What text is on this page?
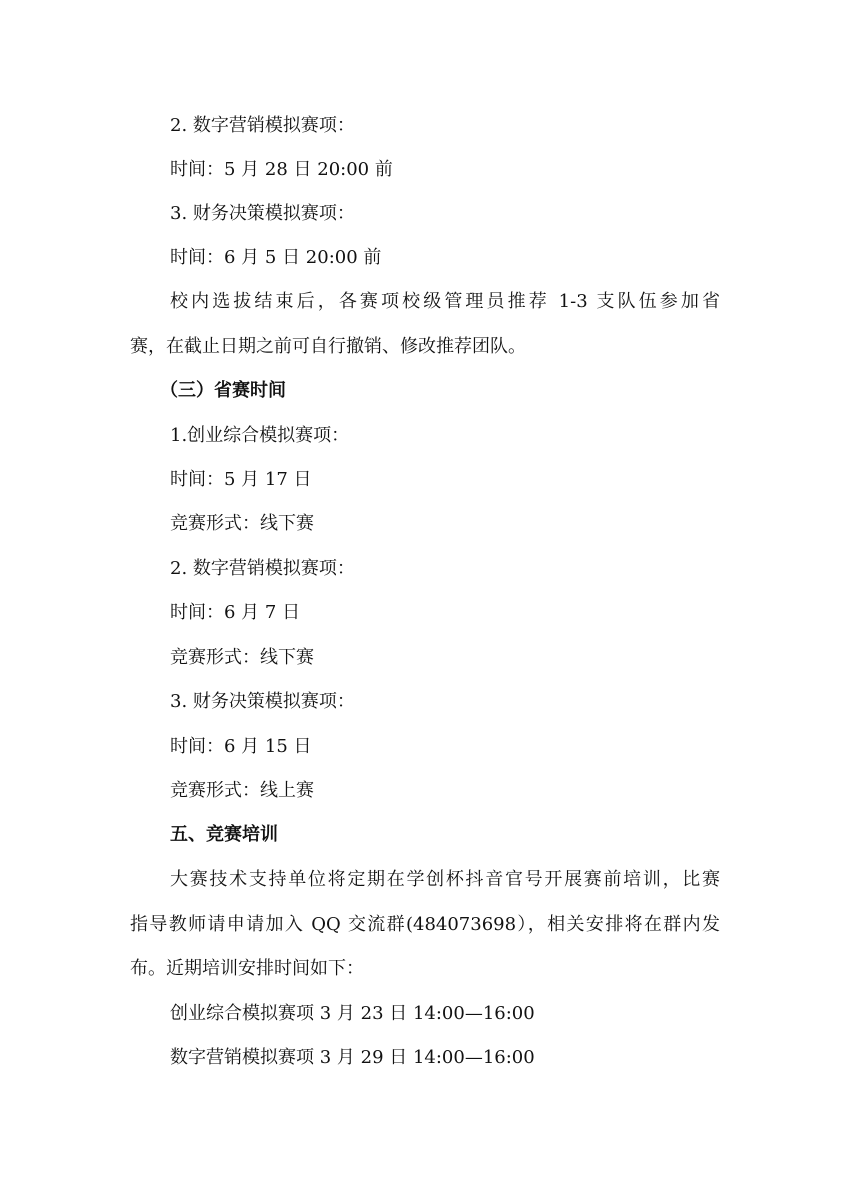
2. 数字营销模拟赛项：
时间：5 月 28 日 20:00 前
3. 财务决策模拟赛项：
时间：6 月 5 日 20:00 前
校内选拔结束后，各赛项校级管理员推荐 1-3 支队伍参加省
赛，在截止日期之前可自行撤销、修改推荐团队。
（三）省赛时间
1.创业综合模拟赛项：
时间：5 月 17 日
竞赛形式：线下赛
2. 数字营销模拟赛项：
时间：6 月 7 日
竞赛形式：线下赛
3. 财务决策模拟赛项：
时间：6 月 15 日
竞赛形式：线上赛
五、竞赛培训
大赛技术支持单位将定期在学创杯抖音官号开展赛前培训，比赛
指导教师请申请加入 QQ 交流群(484073698），相关安排将在群内发
布。近期培训安排时间如下：
创业综合模拟赛项 3 月 23 日 14:00—16:00
数字营销模拟赛项 3 月 29 日 14:00—16:00
